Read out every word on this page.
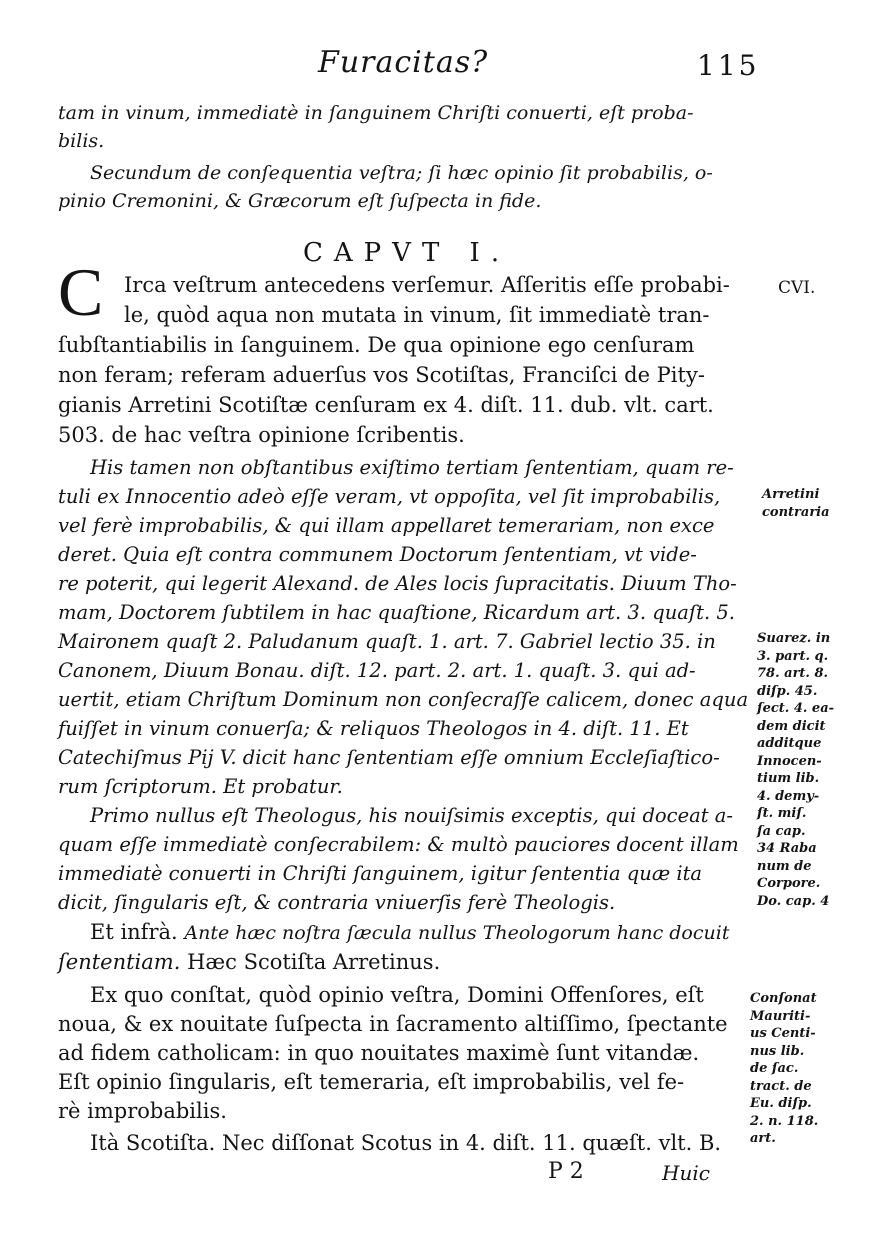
Furacitas?	115
tam in vinum, immediatè in ſanguinem Chriſti conuerti, eſt proba-
bilis.
Secundum de conſequentia veſtra; ſi hæc opinio ſit probabilis, o-
pinio Cremonini, & Græcorum eſt ſuſpecta in fide.
CAPVT I.
C Irca veſtrum antecedens verſemur. Aſſeritis eſſe probabi-
le, quòd aqua non mutata in vinum, ſit immediatè tran-
ſubſtantiabilis in ſanguinem. De qua opinione ego cenſuram
non feram; referam aduerſus vos Scotiſtas, Franciſci de Pity-
gianis Arretini Scotiſtæ cenſuram ex 4. diſt. 11. dub. vlt. cart.
503. de hac veſtra opinione ſcribentis.
His tamen non obſtantibus exiſtimo tertiam ſententiam, quam re-
tuli ex Innocentio adeò eſſe veram, vt oppoſita, vel ſit improbabilis,
vel ferè improbabilis, & qui illam appellaret temerariam, non exce
deret. Quia eſt contra communem Doctorum ſententiam, vt vide-
re poterit, qui legerit Alexand. de Ales locis ſupracitatis. Diuum Tho-
mam, Doctorem ſubtilem in hac quaſtione, Ricardum art. 3. quaſt. 5.
Maironem quaſt 2. Paludanum quaſt. 1. art. 7. Gabriel lectio 35. in
Canonem, Diuum Bonau. diſt. 12. part. 2. art. 1. quaſt. 3. qui ad-
uertit, etiam Chriſtum Dominum non conſecraſſe calicem, donec aqua
fuiſſet in vinum conuerſa; & reliquos Theologos in 4. diſt. 11. Et
Catechiſmus Pij V. dicit hanc ſententiam eſſe omnium Eccleſiaſtico-
rum ſcriptorum. Et probatur.
Primo nullus eſt Theologus, his nouiſsimis exceptis, qui doceat a-
quam eſſe immediatè conſecrabilem: & multò pauciores docent illam
immediatè conuerti in Chriſti ſanguinem, igitur ſententia quæ ita
dicit, ſingularis eſt, & contraria vniuerſis ferè Theologis.
Et infrà. Ante hæc noſtra ſæcula nullus Theologorum hanc docuit
ſententiam. Hæc Scotiſta Arretinus.
Ex quo conſtat, quòd opinio veſtra, Domini Offenſores, eſt
noua, & ex nouitate ſuſpecta in ſacramento altiſſimo, ſpectante
ad fidem catholicam: in quo nouitates maximè ſunt vitandæ.
Eſt opinio ſingularis, eſt temeraria, eſt improbabilis, vel fe-
rè improbabilis.
Ità Scotiſta. Nec diſſonat Scotus in 4. diſt. 11. quæſt. vlt. B.
P 2	Huic
CVI.
Arretini
contraria
Suarez. in
3. part. q.
78. art. 8.
diſp. 45.
ſect. 4. ea-
dem dicit
additque
Innocen-
tium lib.
4. demy-
ſt. miſ.
ſa cap.
34 Raba
num de
Corpore.
Do. cap. 4
Conſonat
Mauriti-
us Centi-
nus lib.
de ſac.
tract. de
Eu. diſp.
2. n. 118.
art.
